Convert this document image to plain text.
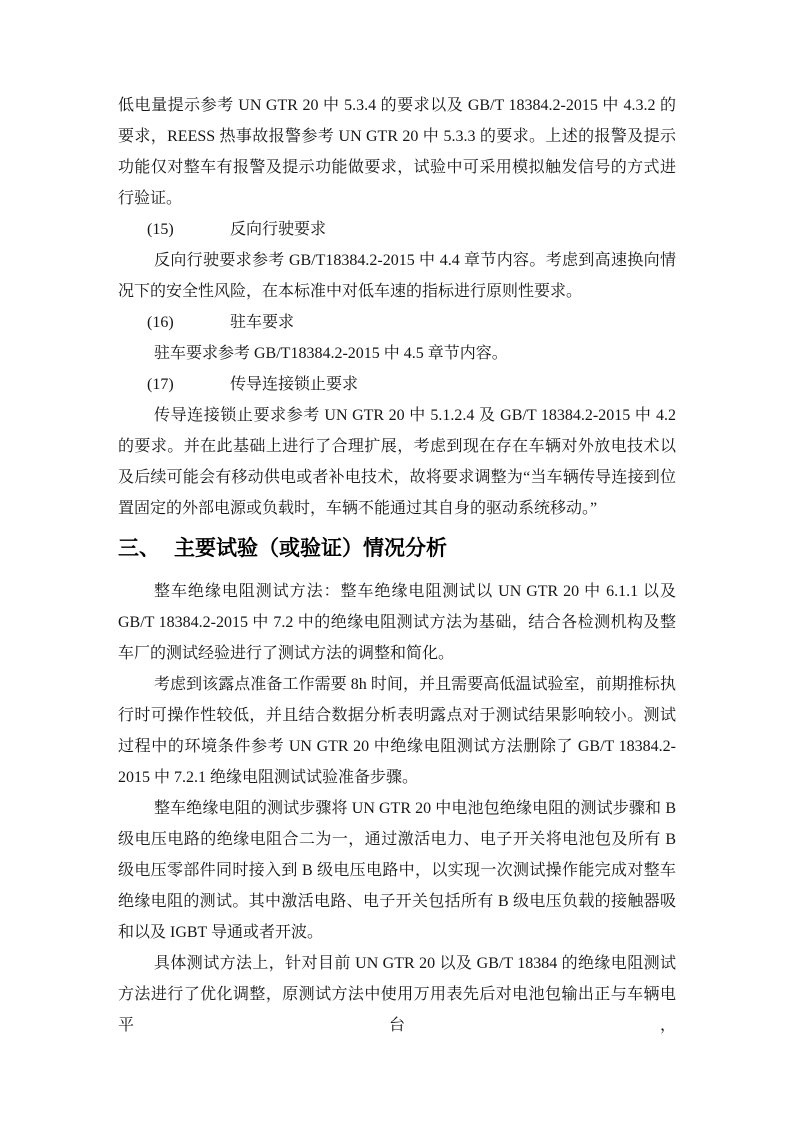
低电量提示参考 UN GTR 20 中 5.3.4 的要求以及 GB/T 18384.2-2015 中 4.3.2 的要求，REESS 热事故报警参考 UN GTR 20 中 5.3.3 的要求。上述的报警及提示功能仅对整车有报警及提示功能做要求，试验中可采用模拟触发信号的方式进行验证。

(15)	反向行驶要求

反向行驶要求参考 GB/T18384.2-2015 中 4.4 章节内容。考虑到高速换向情况下的安全性风险，在本标准中对低车速的指标进行原则性要求。

(16)	驻车要求

驻车要求参考 GB/T18384.2-2015 中 4.5 章节内容。

(17)	传导连接锁止要求

传导连接锁止要求参考 UN GTR 20 中 5.1.2.4 及 GB/T 18384.2-2015 中 4.2 的要求。并在此基础上进行了合理扩展，考虑到现在存在车辆对外放电技术以及后续可能会有移动供电或者补电技术，故将要求调整为“当车辆传导连接到位置固定的外部电源或负载时，车辆不能通过其自身的驱动系统移动。”

三、 主要试验（或验证）情况分析

整车绝缘电阻测试方法：整车绝缘电阻测试以 UN GTR 20 中 6.1.1 以及 GB/T 18384.2-2015 中 7.2 中的绝缘电阻测试方法为基础，结合各检测机构及整车厂的测试经验进行了测试方法的调整和简化。

考虑到该露点准备工作需要 8h 时间，并且需要高低温试验室，前期推标执行时可操作性较低，并且结合数据分析表明露点对于测试结果影响较小。测试过程中的环境条件参考 UN GTR 20 中绝缘电阻测试方法删除了 GB/T 18384.2-2015 中 7.2.1 绝缘电阻测试试验准备步骤。

整车绝缘电阻的测试步骤将 UN GTR 20 中电池包绝缘电阻的测试步骤和 B 级电压电路的绝缘电阻合二为一，通过激活电力、电子开关将电池包及所有 B 级电压零部件同时接入到 B 级电压电路中，以实现一次测试操作能完成对整车绝缘电阻的测试。其中激活电路、电子开关包括所有 B 级电压负载的接触器吸和以及 IGBT 导通或者开波。

具体测试方法上，针对目前 UN GTR 20 以及 GB/T 18384 的绝缘电阻测试方法进行了优化调整，原测试方法中使用万用表先后对电池包输出正与车辆电平台，
